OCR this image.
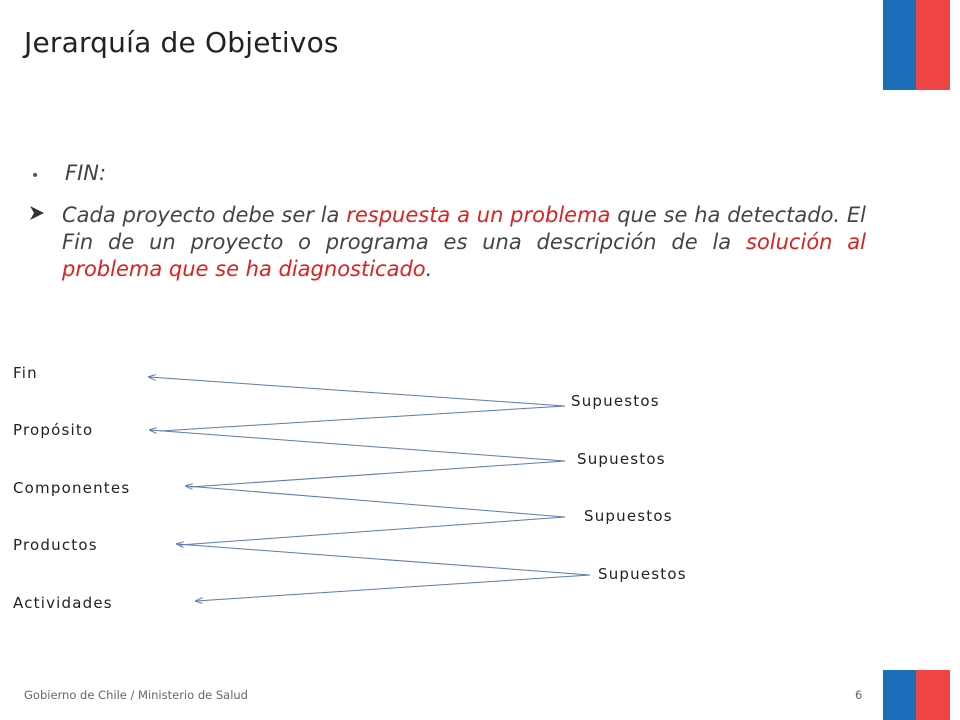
Jerarquía de Objetivos
•	FIN:
Cada proyecto debe ser la respuesta a un problema que se ha detectado. El Fin de un proyecto o programa es una descripción de la solución al problema que se ha diagnosticado.
Fin
Propósito
Componentes
Productos
Actividades
Supuestos
Supuestos
Supuestos
Supuestos
Gobierno de Chile / Ministerio de Salud	6
